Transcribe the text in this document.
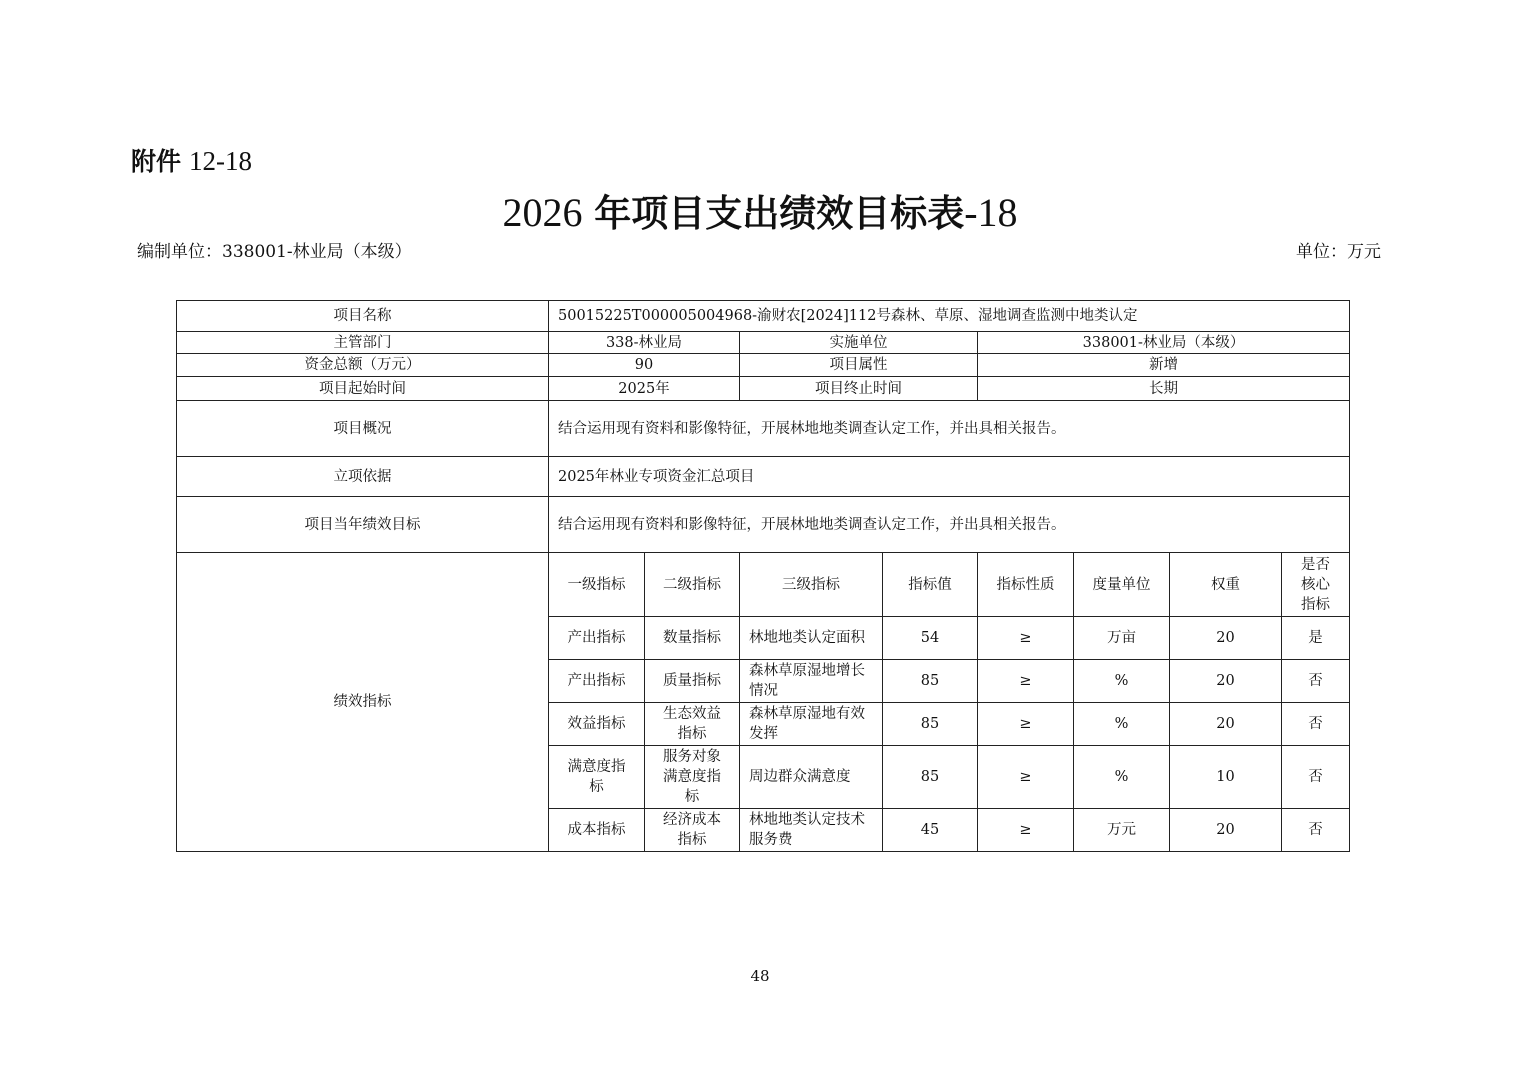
附件 12-18
2026 年项目支出绩效目标表-18
编制单位：338001-林业局（本级）	单位：万元
项目名称	50015225T000005004968-渝财农[2024]112号森林、草原、湿地调查监测中地类认定							
主管部门	338-林业局		实施单位		338001-林业局（本级）			
资金总额（万元）	90		项目属性		新增			
项目起始时间	2025年		项目终止时间		长期			
项目概况	结合运用现有资料和影像特征，开展林地地类调查认定工作，并出具相关报告。							
立项依据	2025年林业专项资金汇总项目							
项目当年绩效目标	结合运用现有资料和影像特征，开展林地地类调查认定工作，并出具相关报告。							
绩效指标	一级指标	二级指标	三级指标	指标值	指标性质	度量单位	权重	是否核心指标
	产出指标	数量指标	林地地类认定面积	54	≥	万亩	20	是
	产出指标	质量指标	森林草原湿地增长情况	85	≥	%	20	否
	效益指标	生态效益指标	森林草原湿地有效发挥	85	≥	%	20	否
	满意度指标	服务对象满意度指标	周边群众满意度	85	≥	%	10	否
	成本指标	经济成本指标	林地地类认定技术服务费	45	≥	万元	20	否
48
